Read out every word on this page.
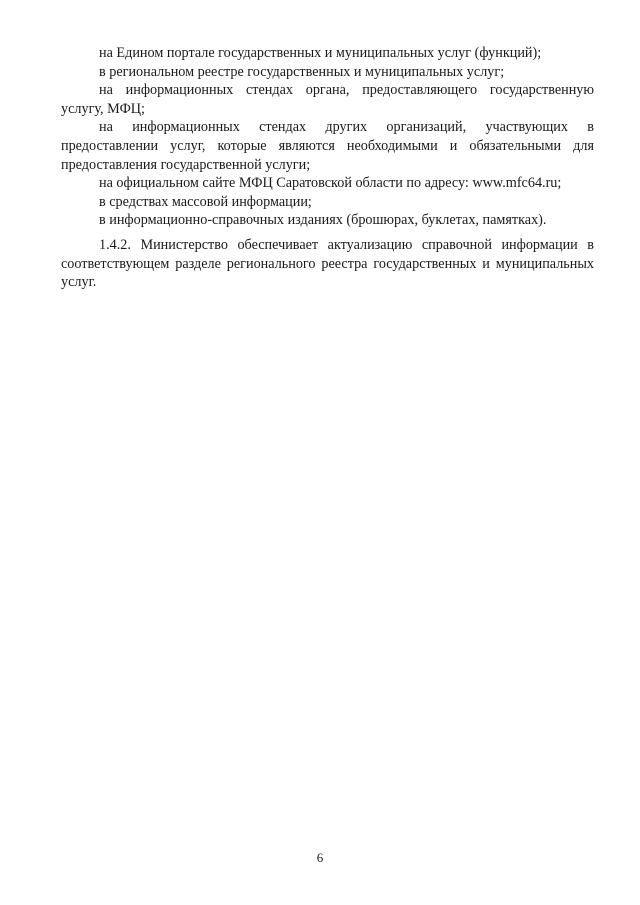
на Едином портале государственных и муниципальных услуг (функций);

в региональном реестре государственных и муниципальных услуг;

на информационных стендах органа, предоставляющего государственную услугу, МФЦ;

на информационных стендах других организаций, участвующих в предоставлении услуг, которые являются необходимыми и обязательными для предоставления государственной услуги;

на официальном сайте МФЦ Саратовской области по адресу: www.mfc64.ru;

в средствах массовой информации;

в информационно-справочных изданиях (брошюрах, буклетах, памятках).

1.4.2. Министерство обеспечивает актуализацию справочной информации в соответствующем разделе регионального реестра государственных и муниципальных услуг.

6
